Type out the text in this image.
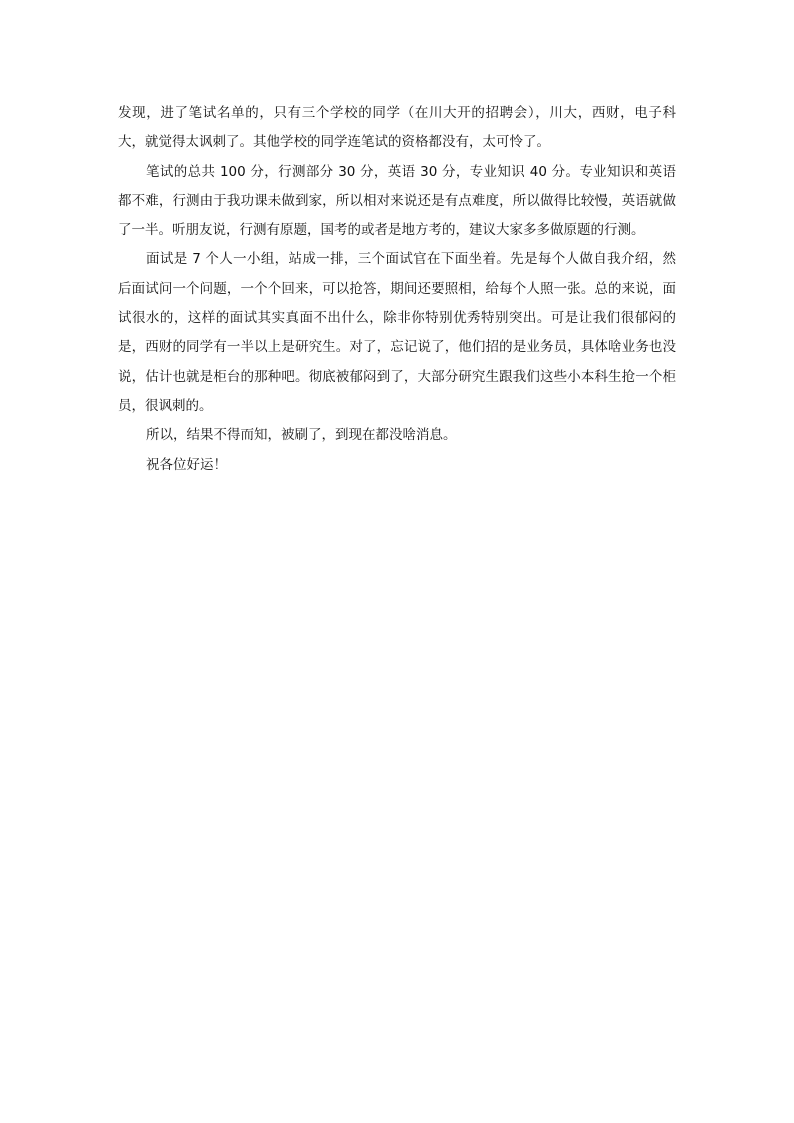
发现，进了笔试名单的，只有三个学校的同学（在川大开的招聘会），川大，西财，电子科大，就觉得太讽刺了。其他学校的同学连笔试的资格都没有，太可怜了。

笔试的总共 100 分，行测部分 30 分，英语 30 分，专业知识 40 分。专业知识和英语都不难，行测由于我功课未做到家，所以相对来说还是有点难度，所以做得比较慢，英语就做了一半。听朋友说，行测有原题，国考的或者是地方考的，建议大家多多做原题的行测。

面试是 7 个人一小组，站成一排，三个面试官在下面坐着。先是每个人做自我介绍，然后面试问一个问题，一个个回来，可以抢答，期间还要照相，给每个人照一张。总的来说，面试很水的，这样的面试其实真面不出什么，除非你特别优秀特别突出。可是让我们很郁闷的是，西财的同学有一半以上是研究生。对了，忘记说了，他们招的是业务员，具体啥业务也没说，估计也就是柜台的那种吧。彻底被郁闷到了，大部分研究生跟我们这些小本科生抢一个柜员，很讽刺的。

所以，结果不得而知，被刷了，到现在都没啥消息。

祝各位好运！
